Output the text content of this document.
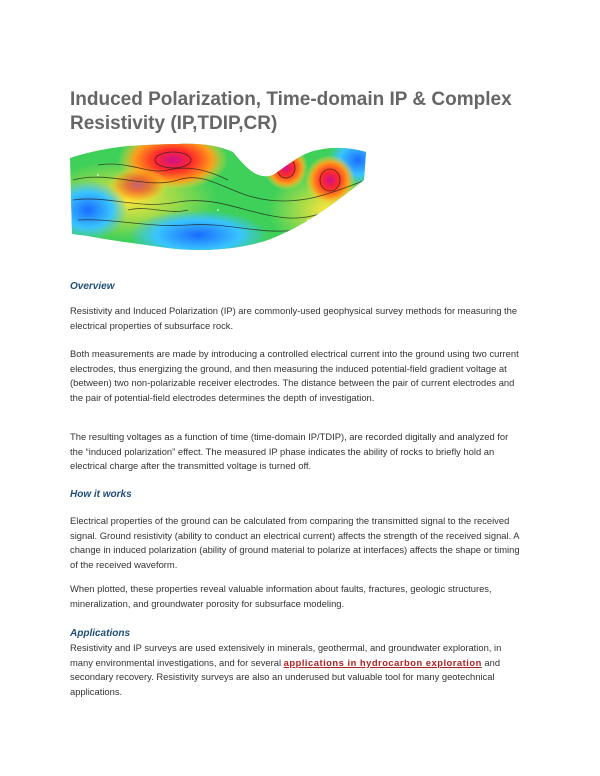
Induced Polarization, Time-domain IP & Complex Resistivity (IP,TDIP,CR)

Overview

Resistivity and Induced Polarization (IP) are commonly-used geophysical survey methods for measuring the electrical properties of subsurface rock.

Both measurements are made by introducing a controlled electrical current into the ground using two current electrodes, thus energizing the ground, and then measuring the induced potential-field gradient voltage at (between) two non-polarizable receiver electrodes. The distance between the pair of current electrodes and the pair of potential-field electrodes determines the depth of investigation.

The resulting voltages as a function of time (time-domain IP/TDIP), are recorded digitally and analyzed for the “induced polarization” effect. The measured IP phase indicates the ability of rocks to briefly hold an electrical charge after the transmitted voltage is turned off.

How it works

Electrical properties of the ground can be calculated from comparing the transmitted signal to the received signal. Ground resistivity (ability to conduct an electrical current) affects the strength of the received signal. A change in induced polarization (ability of ground material to polarize at interfaces) affects the shape or timing of the received waveform.

When plotted, these properties reveal valuable information about faults, fractures, geologic structures, mineralization, and groundwater porosity for subsurface modeling.

Applications

Resistivity and IP surveys are used extensively in minerals, geothermal, and groundwater exploration, in many environmental investigations, and for several applications in hydrocarbon exploration and secondary recovery. Resistivity surveys are also an underused but valuable tool for many geotechnical applications.
